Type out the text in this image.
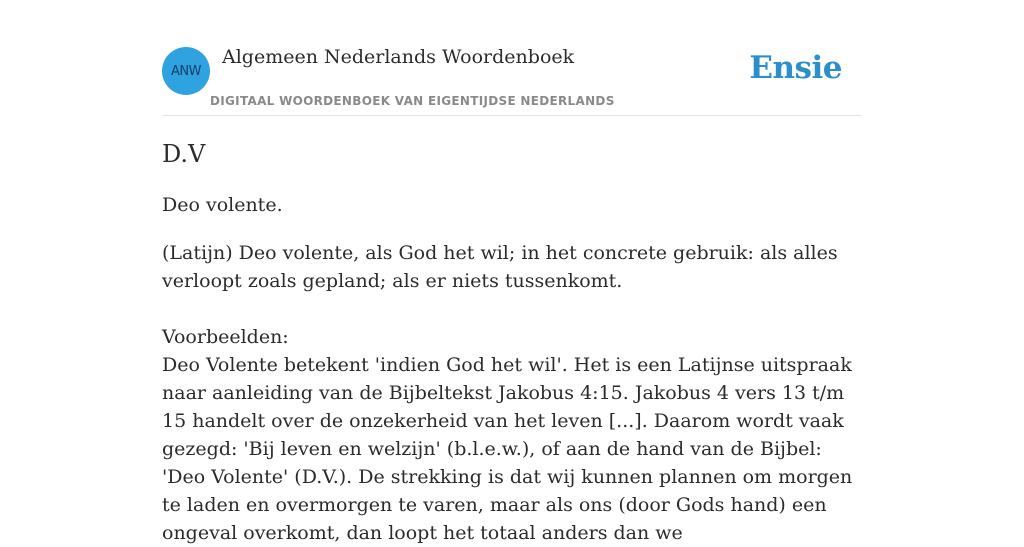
ANW
Algemeen Nederlands Woordenboek
DIGITAAL WOORDENBOEK VAN EIGENTIJDSE NEDERLANDS
Ensie
D.V
Deo volente.
(Latijn) Deo volente, als God het wil; in het concrete gebruik: als alles verloopt zoals gepland; als er niets tussenkomt.
Voorbeelden:
Deo Volente betekent 'indien God het wil'. Het is een Latijnse uitspraak naar aanleiding van de Bijbeltekst Jakobus 4:15. Jakobus 4 vers 13 t/m 15 handelt over de onzekerheid van het leven [...]. Daarom wordt vaak gezegd: 'Bij leven en welzijn' (b.l.e.w.), of aan de hand van de Bijbel: 'Deo Volente' (D.V.). De strekking is dat wij kunnen plannen om morgen te laden en overmorgen te varen, maar als ons (door Gods hand) een ongeval overkomt, dan loopt het totaal anders dan we
